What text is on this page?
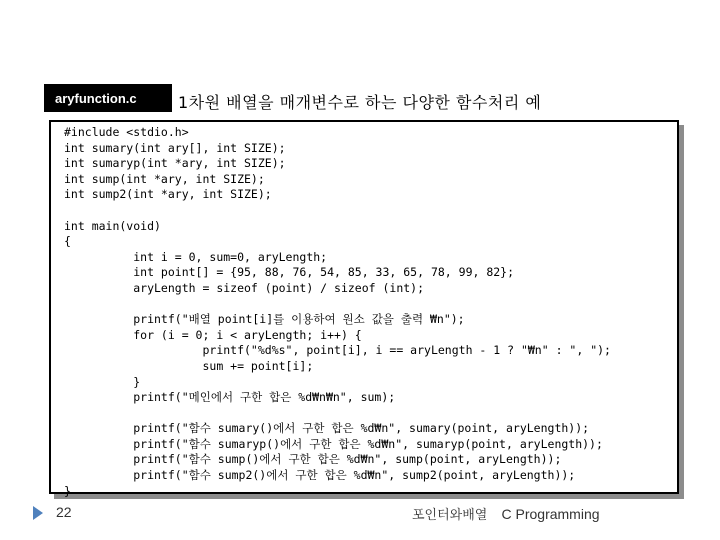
aryfunction.c	1차원 배열을 매개변수로 하는 다양한 함수처리 예
#include <stdio.h>
int sumary(int ary[], int SIZE);
int sumaryp(int *ary, int SIZE);
int sump(int *ary, int SIZE);
int sump2(int *ary, int SIZE);
int main(void)
{
int i = 0, sum=0, aryLength;
int point[] = {95, 88, 76, 54, 85, 33, 65, 78, 99, 82};
aryLength = sizeof (point) / sizeof (int);
printf("배열 point[i]를 이용하여 원소 값을 출력 ₩n");
for (i = 0; i < aryLength; i++) {
printf("%d%s", point[i], i == aryLength - 1 ? "₩n" : ", ");
sum += point[i];
}
printf("메인에서 구한 합은 %d₩n₩n", sum);
printf("함수 sumary()에서 구한 합은 %d₩n", sumary(point, aryLength));
printf("함수 sumaryp()에서 구한 합은 %d₩n", sumaryp(point, aryLength));
printf("함수 sump()에서 구한 합은 %d₩n", sump(point, aryLength));
printf("함수 sump2()에서 구한 합은 %d₩n", sump2(point, aryLength));
}
22	포인터와배열 C Programming
